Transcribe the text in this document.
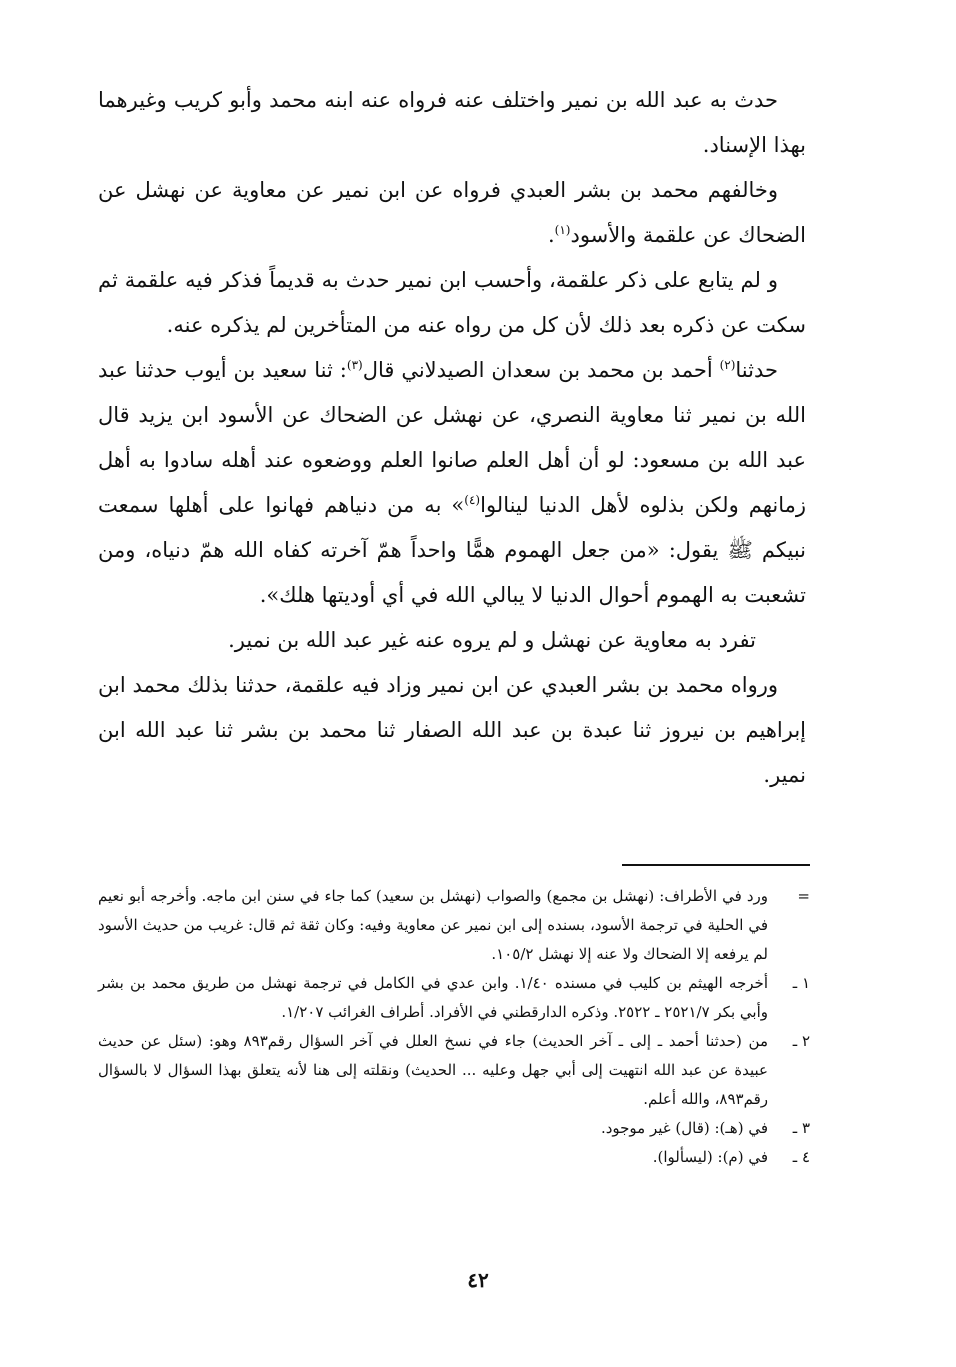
حدث به عبد الله بن نمير واختلف عنه فرواه عنه ابنه محمد وأبو كريب وغيرهما بهذا الإسناد.

وخالفهم محمد بن بشر العبدي فرواه عن ابن نمير عن معاوية عن نهشل عن الضحاك عن علقمة والأسود$^{(١)}$.

و لم يتابع على ذكر علقمة، وأحسب ابن نمير حدث به قديماً فذكر فيه علقمة ثم سكت عن ذكره بعد ذلك لأن كل من رواه عنه من المتأخرين لم يذكره عنه.

حدثنا$^{(٢)}$ أحمد بن محمد بن سعدان الصيدلاني قال$^{(٣)}$: ثنا سعيد بن أيوب حدثنا عبد الله بن نمير ثنا معاوية النصري، عن نهشل عن الضحاك عن الأسود ابن يزيد قال عبد الله بن مسعود: لو أن أهل العلم صانوا العلم ووضعوه عند أهله سادوا به أهل زمانهم ولكن بذلوه لأهل الدنيا لينالوا$^{(٤)}$» به من دنياهم فهانوا على أهلها سمعت نبيكم ﷺ يقول: «من جعل الهموم همًّا واحداً همّ آخرته كفاه الله همّ دنياه، ومن تشعبت به الهموم أحوال الدنيا لا يبالي الله في أي أوديتها هلك».

تفرد به معاوية عن نهشل و لم يروه عنه غير عبد الله بن نمير.

ورواه محمد بن بشر العبدي عن ابن نمير وزاد فيه علقمة، حدثنا بذلك محمد ابن إبراهيم بن نيروز ثنا عبدة بن عبد الله الصفار ثنا محمد بن بشر ثنا عبد الله ابن نمير.

=
ورد في الأطراف: (نهشل بن مجمع) والصواب (نهشل بن سعيد) كما جاء في سنن ابن ماجه. وأخرجه أبو نعيم في الحلية في ترجمة الأسود، بسنده إلى ابن نمير عن معاوية وفيه: وكان ثقة ثم قال: غريب من حديث الأسود لم يرفعه إلا الضحاك ولا عنه إلا نهشل ١٠٥/٢.
١ ـ
أخرجه الهيثم بن كليب في مسنده ١/٤٠. وابن عدي في الكامل في ترجمة نهشل من طريق محمد بن بشر وأبي بكر ٢٥٢١/٧ ـ ٢٥٢٢. وذكره الدارقطني في الأفراد. أطراف الغرائب ١/٢٠٧.
٢ ـ
من (حدثنا أحمد ـ إلى ـ آخر الحديث) جاء في نسخ العلل في آخر السؤال رقم٨٩٣ وهو: (سئل عن حديث عبيدة عن عبد الله انتهيت إلى أبي جهل وعليه ... الحديث) ونقلته إلى هنا لأنه يتعلق بهذا السؤال لا بالسؤال رقم٨٩٣، والله أعلم.
٣ ـ
في (هـ): (قال) غير موجود.
٤ ـ
في (م): (ليسألوا).
٤٢
